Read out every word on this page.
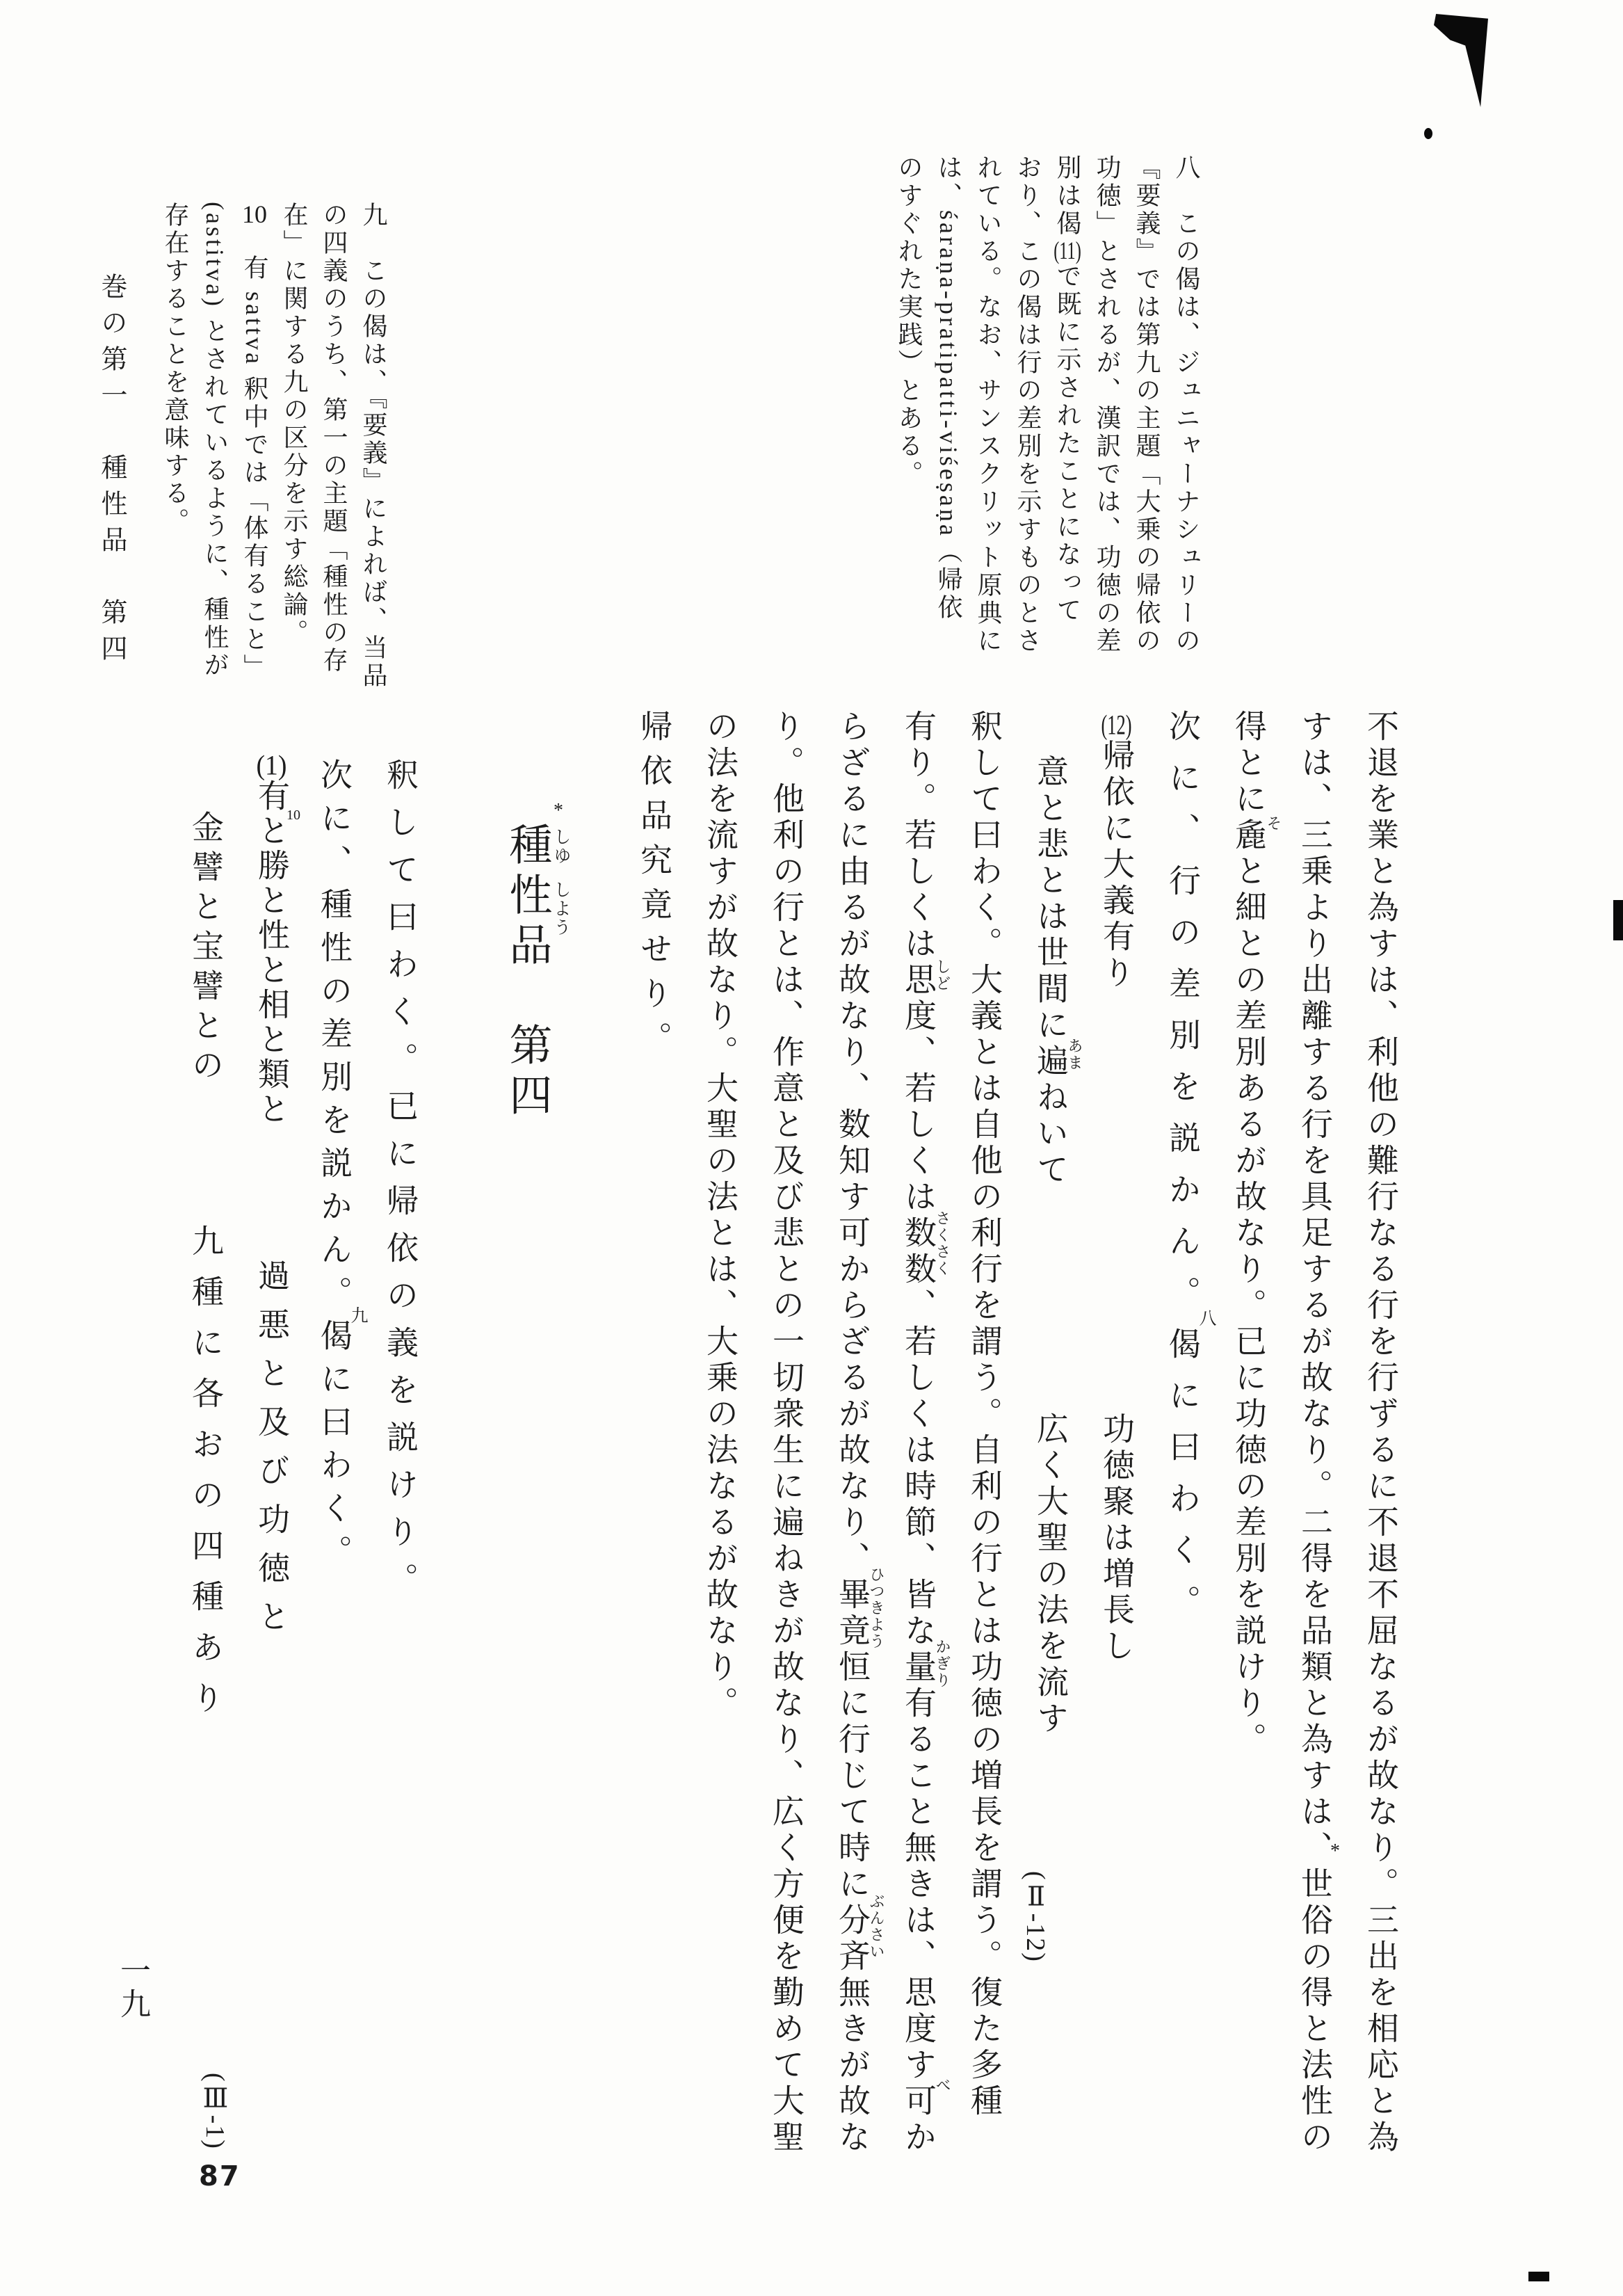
巻の第一　種性品　第四	八　この偈は、ジュニャーナシュリーの
『要義』では第九の主題「大乗の帰依の
功徳」とされるが、漢訳では、功徳の差
別は偈(11)で既に示されたことになって
おり、この偈は行の差別を示すものとさ
れている。なお、サンスクリット原典に
は、śaraṇa-pratipatti-viśeṣaṇa（帰依
のすぐれた実践）とある。
九　この偈は、『要義』によれば、当品
の四義のうち、第一の主題「種性の存
在」に関する九の区分を示す総論。
10　有 sattva 釈中では「体有ること」
(astitva) とされているように、種性が
存在することを意味する。
不退を業と為すは、利他の難行なる行を行ずるに不退不屈なるが故なり。三出を相応と為
すは、三乗より出離する行を具足するが故なり。二得を品類と為すは、世俗の得と法性の
*
得とに麁と細との差別あるが故なり。已に功徳の差別を説けり。
そ
次に、行の差別を説かん。偈に曰わく。
八
(12)帰依に大義有り
意と悲とは世間に遍ねいて
あま
功徳聚は増長し
広く大聖の法を流す
(Ⅱ-12)
釈して曰わく。大義とは自他の利行を謂う。自利の行とは功徳の増長を謂う。復た多種
有り。若しくは思度、若しくは数数、若しくは時節、皆な量有ること無きは、思度す可か
しど
さくさく
かぎり
べ
らざるに由るが故なり、数知す可からざるが故なり、畢竟恒に行じて時に分斉無きが故な
ひつきよう
ぶんさい
り。他利の行とは、作意と及び悲との一切衆生に遍ねきが故なり、広く方便を勤めて大聖
の法を流すが故なり。大聖の法とは、大乗の法なるが故なり。
帰依品究竟せり。
種性品　第四
*
しゆ
しよう
釈して曰わく。已に帰依の義を説けり。
次に、種性の差別を説かん。偈に曰わく。
九
(1)有と勝と性と相と類と
10
金譬と宝譬との
過悪と及び功徳と
九種に各おの四種あり
(Ⅲ-1)
一九
87
